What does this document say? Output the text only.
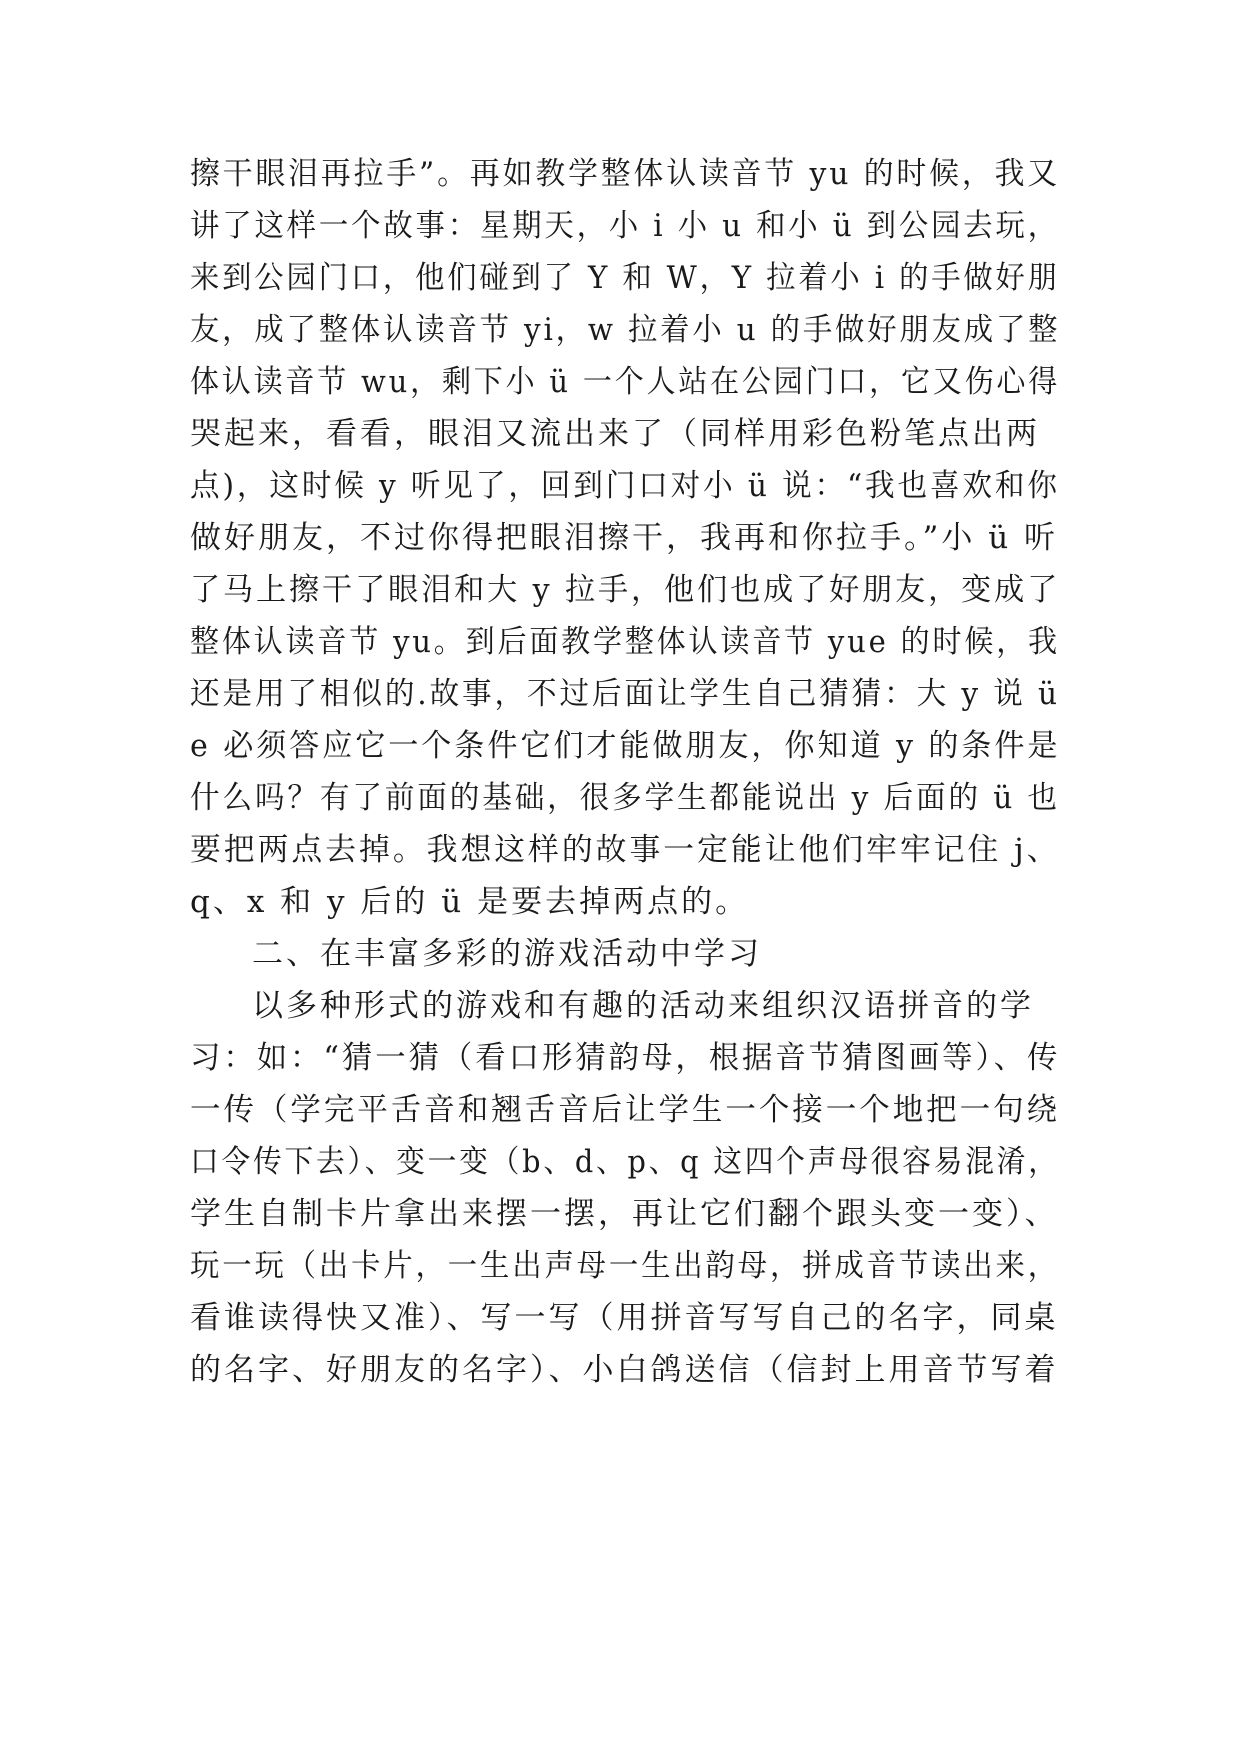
擦干眼泪再拉手”。再如教学整体认读音节 yu 的时候，我又
讲了这样一个故事：星期天，小 i 小 u 和小 ü 到公园去玩，
来到公园门口，他们碰到了 Y 和 W，Y 拉着小 i 的手做好朋
友，成了整体认读音节 yi，w 拉着小 u 的手做好朋友成了整
体认读音节 wu，剩下小 ü 一个人站在公园门口，它又伤心得
哭起来，看看，眼泪又流出来了（同样用彩色粉笔点出两
点)，这时候 y 听见了，回到门口对小 ü 说：“我也喜欢和你
做好朋友，不过你得把眼泪擦干，我再和你拉手。”小 ü 听
了马上擦干了眼泪和大 y 拉手，他们也成了好朋友，变成了
整体认读音节 yu。到后面教学整体认读音节 yue 的时候，我
还是用了相似的.故事，不过后面让学生自己猜猜：大 y 说 ü
e 必须答应它一个条件它们才能做朋友，你知道 y 的条件是
什么吗？有了前面的基础，很多学生都能说出 y 后面的 ü 也
要把两点去掉。我想这样的故事一定能让他们牢牢记住 j、
q、x 和 y 后的 ü 是要去掉两点的。
二、在丰富多彩的游戏活动中学习
以多种形式的游戏和有趣的活动来组织汉语拼音的学
习：如：“猜一猜（看口形猜韵母，根据音节猜图画等）、传
一传（学完平舌音和翘舌音后让学生一个接一个地把一句绕
口令传下去）、变一变（b、d、p、q 这四个声母很容易混淆，
学生自制卡片拿出来摆一摆，再让它们翻个跟头变一变）、
玩一玩（出卡片，一生出声母一生出韵母，拼成音节读出来，
看谁读得快又准）、写一写（用拼音写写自己的名字，同桌
的名字、好朋友的名字）、小白鸽送信（信封上用音节写着
